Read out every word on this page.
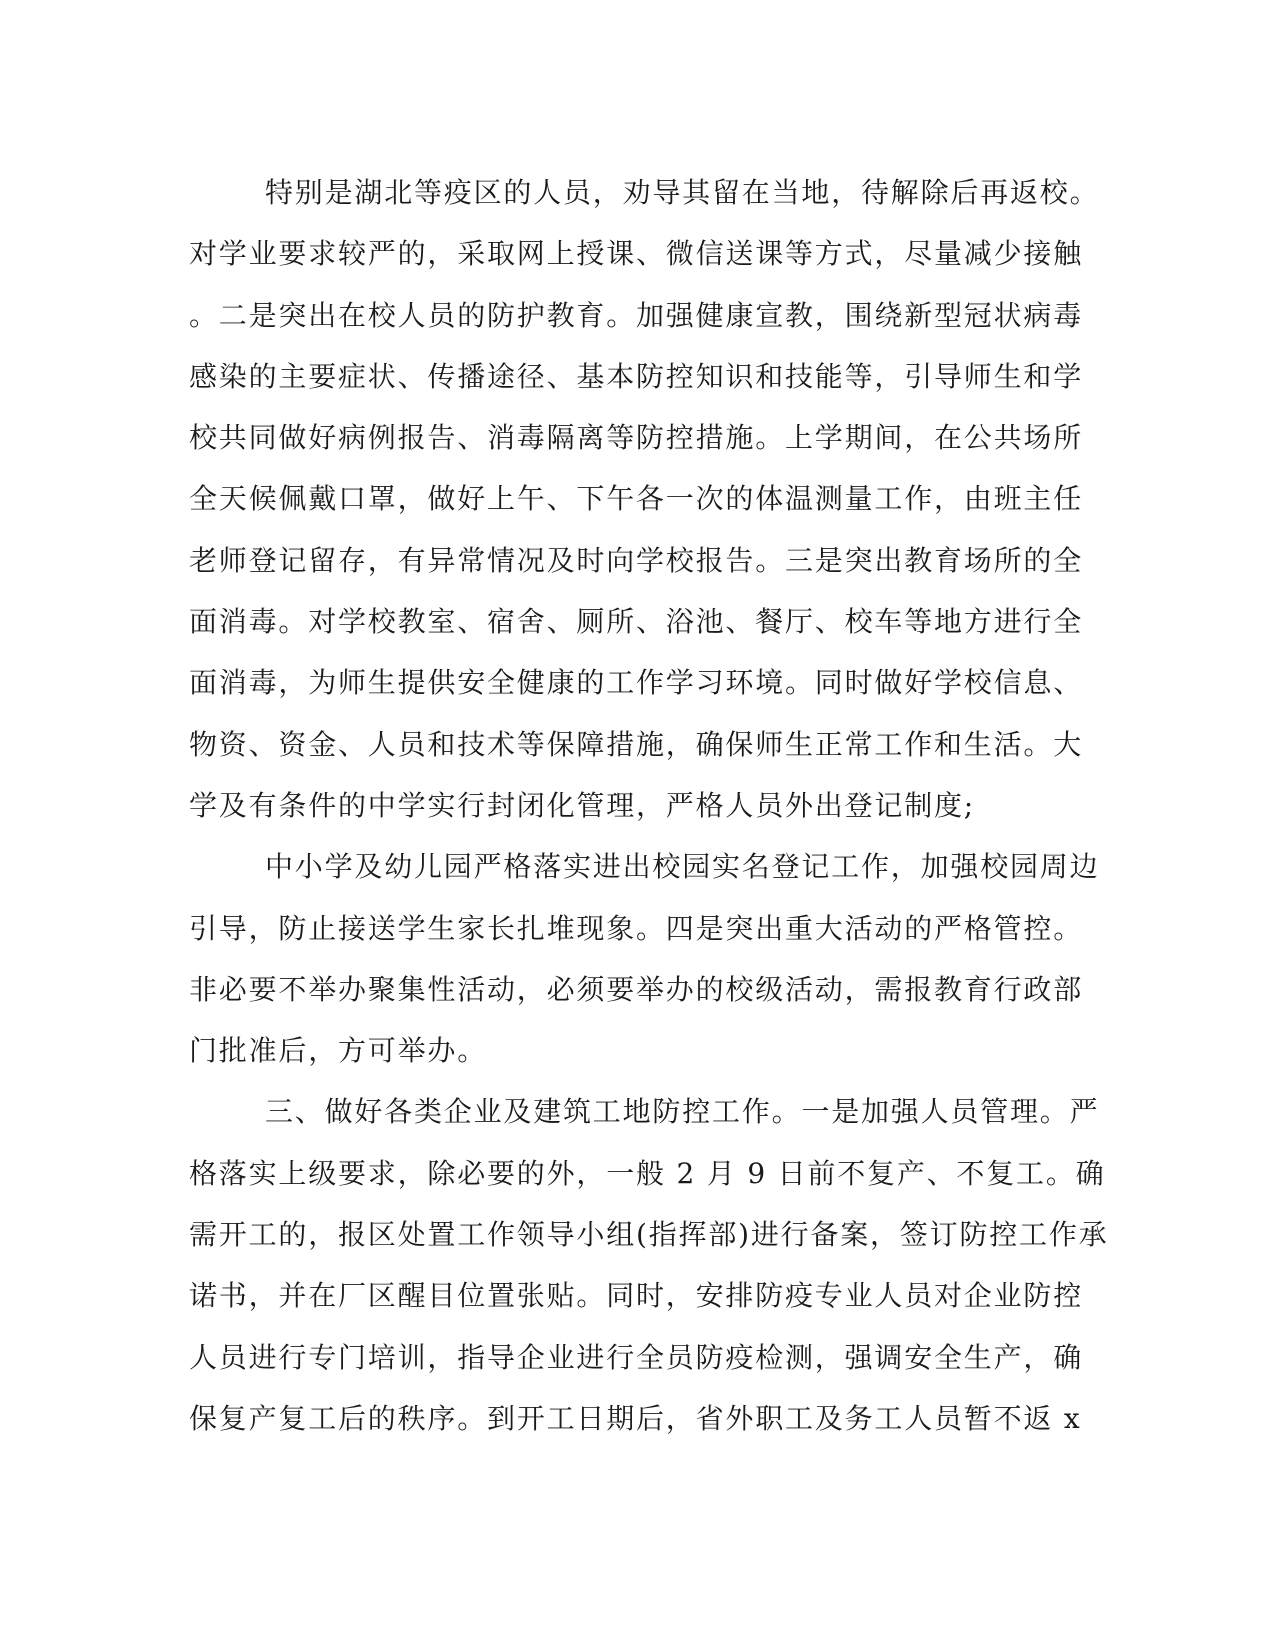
特别是湖北等疫区的人员，劝导其留在当地，待解除后再返校。
对学业要求较严的，采取网上授课、微信送课等方式，尽量减少接触
。二是突出在校人员的防护教育。加强健康宣教，围绕新型冠状病毒
感染的主要症状、传播途径、基本防控知识和技能等，引导师生和学
校共同做好病例报告、消毒隔离等防控措施。上学期间，在公共场所
全天候佩戴口罩，做好上午、下午各一次的体温测量工作，由班主任
老师登记留存，有异常情况及时向学校报告。三是突出教育场所的全
面消毒。对学校教室、宿舍、厕所、浴池、餐厅、校车等地方进行全
面消毒，为师生提供安全健康的工作学习环境。同时做好学校信息、
物资、资金、人员和技术等保障措施，确保师生正常工作和生活。大
学及有条件的中学实行封闭化管理，严格人员外出登记制度;
中小学及幼儿园严格落实进出校园实名登记工作，加强校园周边
引导，防止接送学生家长扎堆现象。四是突出重大活动的严格管控。
非必要不举办聚集性活动，必须要举办的校级活动，需报教育行政部
门批准后，方可举办。
三、做好各类企业及建筑工地防控工作。一是加强人员管理。严
格落实上级要求，除必要的外，一般 2 月 9 日前不复产、不复工。确
需开工的，报区处置工作领导小组(指挥部)进行备案，签订防控工作承
诺书，并在厂区醒目位置张贴。同时，安排防疫专业人员对企业防控
人员进行专门培训，指导企业进行全员防疫检测，强调安全生产，确
保复产复工后的秩序。到开工日期后，省外职工及务工人员暂不返 x
